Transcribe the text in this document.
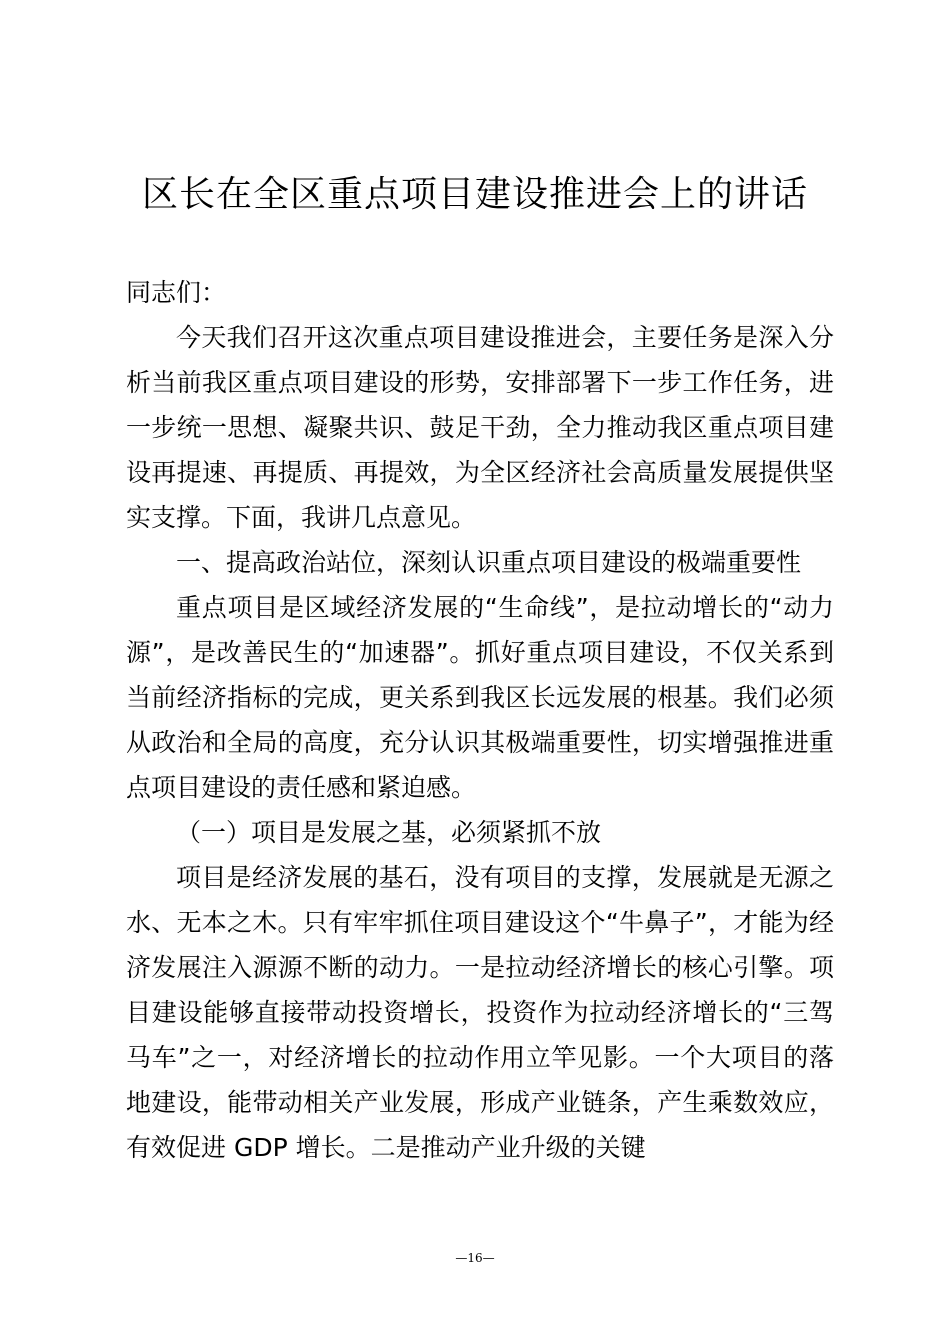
区长在全区重点项目建设推进会上的讲话

同志们：

今天我们召开这次重点项目建设推进会，主要任务是深入分析当前我区重点项目建设的形势，安排部署下一步工作任务，进一步统一思想、凝聚共识、鼓足干劲，全力推动我区重点项目建设再提速、再提质、再提效，为全区经济社会高质量发展提供坚实支撑。下面，我讲几点意见。

一、提高政治站位，深刻认识重点项目建设的极端重要性

重点项目是区域经济发展的“生命线”，是拉动增长的“动力源”，是改善民生的“加速器”。抓好重点项目建设，不仅关系到当前经济指标的完成，更关系到我区长远发展的根基。我们必须从政治和全局的高度，充分认识其极端重要性，切实增强推进重点项目建设的责任感和紧迫感。

（一）项目是发展之基，必须紧抓不放

项目是经济发展的基石，没有项目的支撑，发展就是无源之水、无本之木。只有牢牢抓住项目建设这个“牛鼻子”，才能为经济发展注入源源不断的动力。一是拉动经济增长的核心引擎。项目建设能够直接带动投资增长，投资作为拉动经济增长的“三驾马车”之一，对经济增长的拉动作用立竿见影。一个大项目的落地建设，能带动相关产业发展，形成产业链条，产生乘数效应，有效促进 GDP 增长。二是推动产业升级的关键

—16—
